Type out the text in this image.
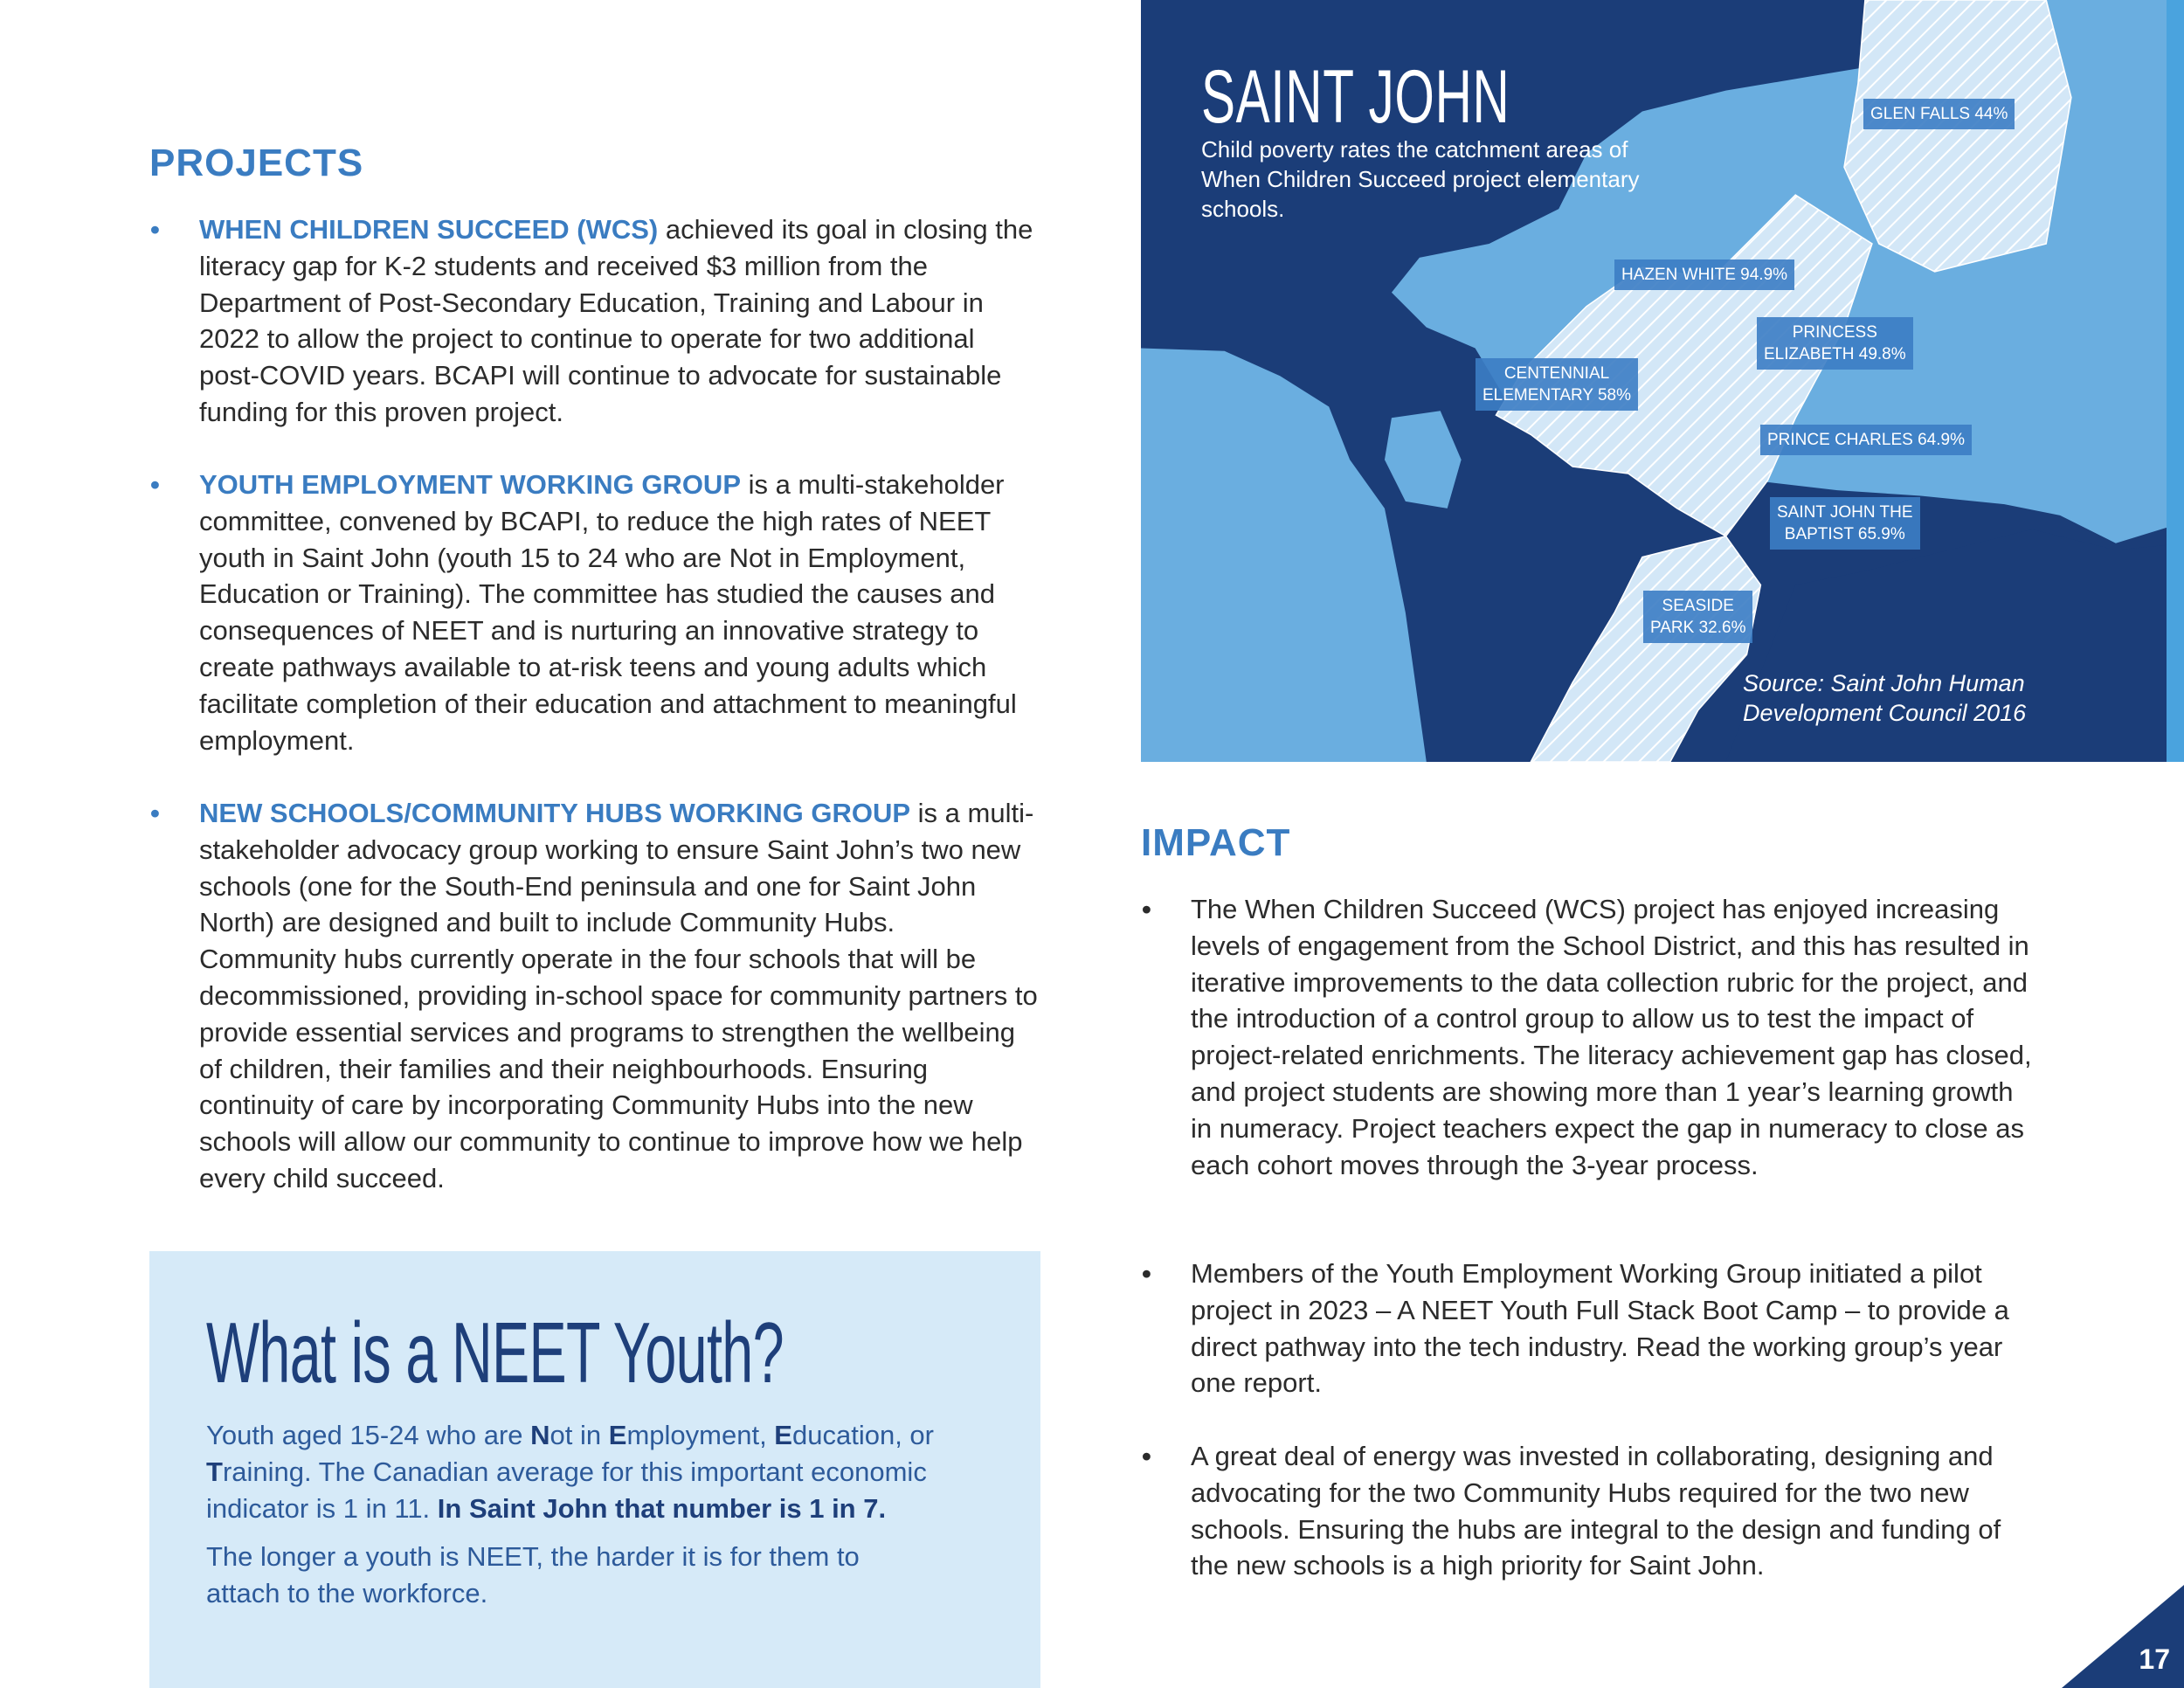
PROJECTS
• WHEN CHILDREN SUCCEED (WCS) achieved its goal in closing the literacy gap for K-2 students and received $3 million from the Department of Post-Secondary Education, Training and Labour in 2022 to allow the project to continue to operate for two additional post-COVID years. BCAPI will continue to advocate for sustainable funding for this proven project.
• YOUTH EMPLOYMENT WORKING GROUP is a multi-stakeholder committee, convened by BCAPI, to reduce the high rates of NEET youth in Saint John (youth 15 to 24 who are Not in Employment, Education or Training). The committee has studied the causes and consequences of NEET and is nurturing an innovative strategy to create pathways available to at-risk teens and young adults which facilitate completion of their education and attachment to meaningful employment.
• NEW SCHOOLS/COMMUNITY HUBS WORKING GROUP is a multi-stakeholder advocacy group working to ensure Saint John’s two new schools (one for the South-End peninsula and one for Saint John North) are designed and built to include Community Hubs. Community hubs currently operate in the four schools that will be decommissioned, providing in-school space for community partners to provide essential services and programs to strengthen the wellbeing of children, their families and their neighbourhoods. Ensuring continuity of care by incorporating Community Hubs into the new schools will allow our community to continue to improve how we help every child succeed.
SAINT JOHN
Child poverty rates the catchment areas of When Children Succeed project elementary schools.
GLEN FALLS 44%
HAZEN WHITE 94.9%
PRINCESS
ELIZABETH 49.8%
CENTENNIAL
ELEMENTARY 58%
PRINCE CHARLES 64.9%
SAINT JOHN THE
BAPTIST 65.9%
SEASIDE
PARK 32.6%
Source: Saint John Human Development Council 2016
IMPACT
• The When Children Succeed (WCS) project has enjoyed increasing levels of engagement from the School District, and this has resulted in iterative improvements to the data collection rubric for the project, and the introduction of a control group to allow us to test the impact of project-related enrichments. The literacy achievement gap has closed, and project students are showing more than 1 year’s learning growth in numeracy. Project teachers expect the gap in numeracy to close as each cohort moves through the 3-year process.
• Members of the Youth Employment Working Group initiated a pilot project in 2023 – A NEET Youth Full Stack Boot Camp – to provide a direct pathway into the tech industry. Read the working group’s year one report.
• A great deal of energy was invested in collaborating, designing and advocating for the two Community Hubs required for the two new schools. Ensuring the hubs are integral to the design and funding of the new schools is a high priority for Saint John.
What is a NEET Youth?
Youth aged 15-24 who are Not in Employment, Education, or Training. The Canadian average for this important economic indicator is 1 in 11. In Saint John that number is 1 in 7.
The longer a youth is NEET, the harder it is for them to attach to the workforce.
17
